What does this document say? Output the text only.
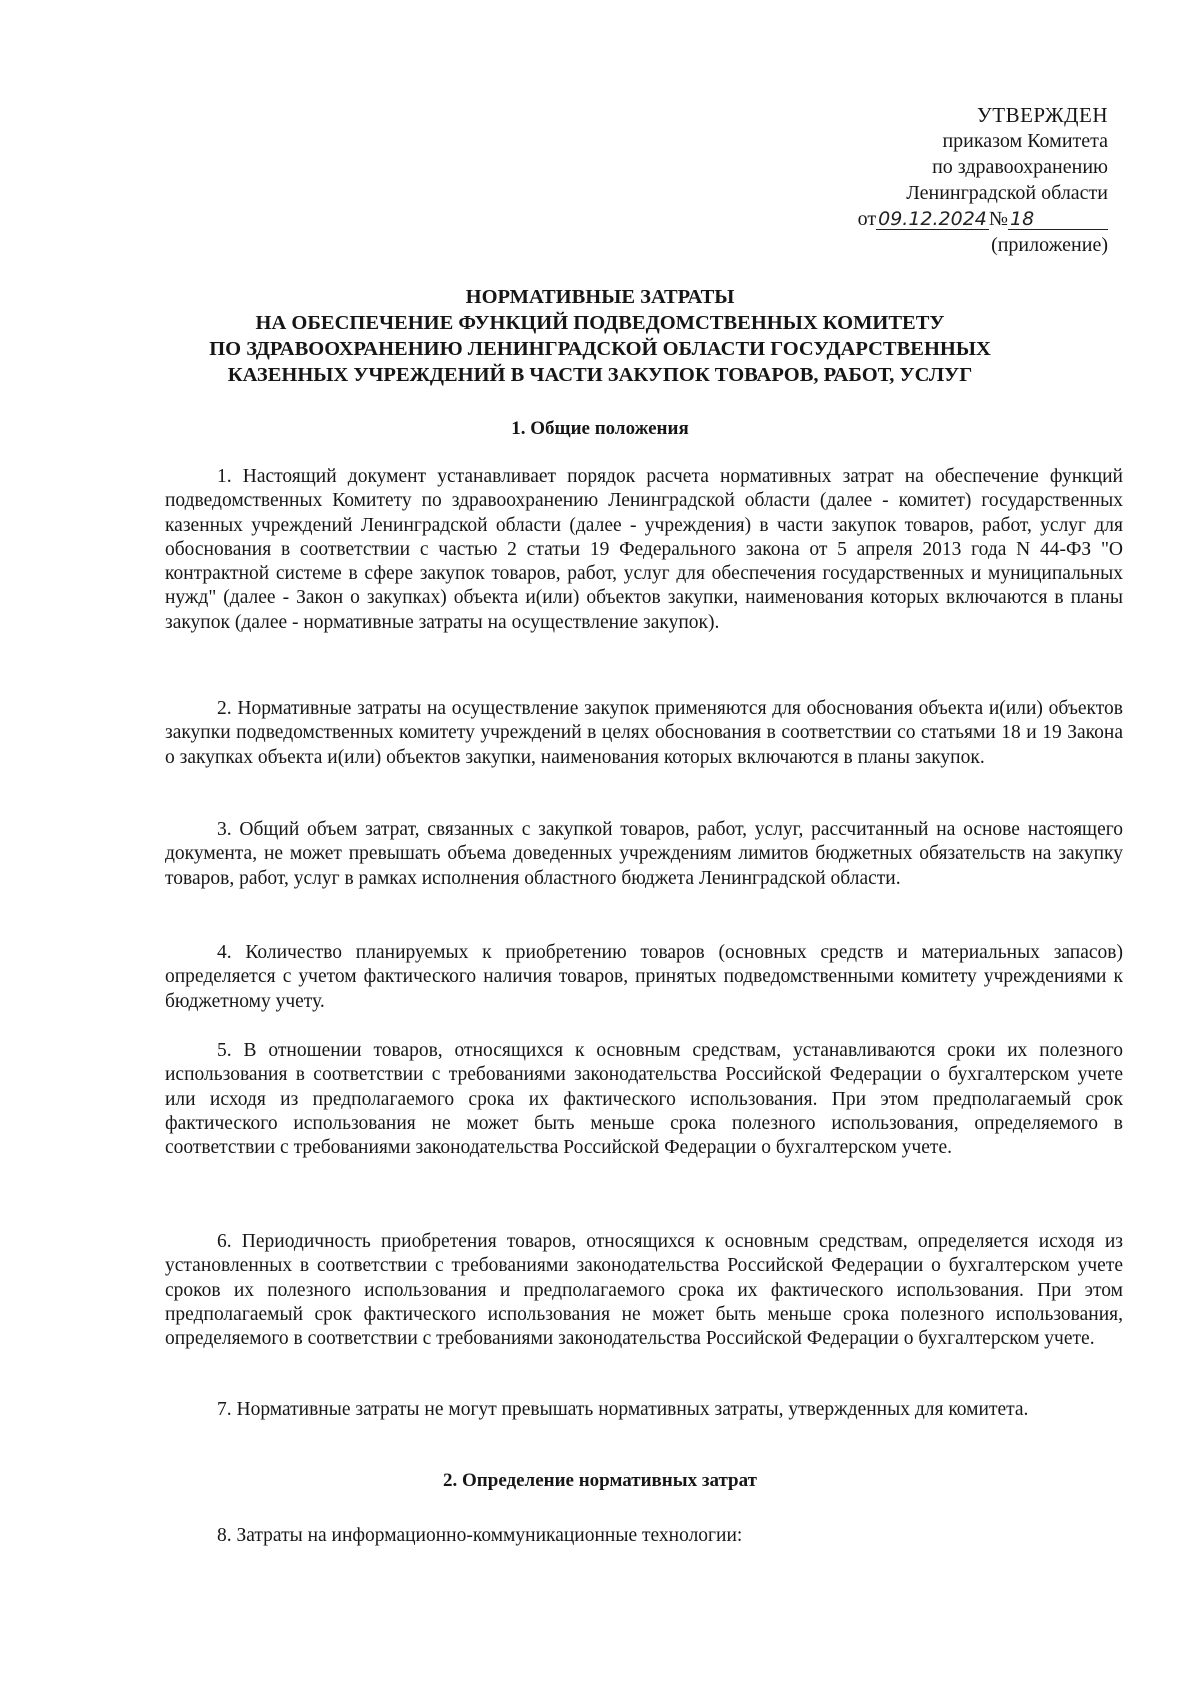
УТВЕРЖДЕН
приказом Комитета
по здравоохранению
Ленинградской области
от 09.12.2024 № 18
(приложение)
НОРМАТИВНЫЕ ЗАТРАТЫ
НА ОБЕСПЕЧЕНИЕ ФУНКЦИЙ ПОДВЕДОМСТВЕННЫХ КОМИТЕТУ
ПО ЗДРАВООХРАНЕНИЮ ЛЕНИНГРАДСКОЙ ОБЛАСТИ ГОСУДАРСТВЕННЫХ
КАЗЕННЫХ УЧРЕЖДЕНИЙ В ЧАСТИ ЗАКУПОК ТОВАРОВ, РАБОТ, УСЛУГ
1. Общие положения

1. Настоящий документ устанавливает порядок расчета нормативных затрат на обеспечение функций подведомственных Комитету по здравоохранению Ленинградской области (далее - комитет) государственных казенных учреждений Ленинградской области (далее - учреждения) в части закупок товаров, работ, услуг для обоснования в соответствии с частью 2 статьи 19 Федерального закона от 5 апреля 2013 года N 44-ФЗ "О контрактной системе в сфере закупок товаров, работ, услуг для обеспечения государственных и муниципальных нужд" (далее - Закон о закупках) объекта и(или) объектов закупки, наименования которых включаются в планы закупок (далее - нормативные затраты на осуществление закупок).

2. Нормативные затраты на осуществление закупок применяются для обоснования объекта и(или) объектов закупки подведомственных комитету учреждений в целях обоснования в соответствии со статьями 18 и 19 Закона о закупках объекта и(или) объектов закупки, наименования которых включаются в планы закупок.

3. Общий объем затрат, связанных с закупкой товаров, работ, услуг, рассчитанный на основе настоящего документа, не может превышать объема доведенных учреждениям лимитов бюджетных обязательств на закупку товаров, работ, услуг в рамках исполнения областного бюджета Ленинградской области.

4. Количество планируемых к приобретению товаров (основных средств и материальных запасов) определяется с учетом фактического наличия товаров, принятых подведомственными комитету учреждениями к бюджетному учету.

5. В отношении товаров, относящихся к основным средствам, устанавливаются сроки их полезного использования в соответствии с требованиями законодательства Российской Федерации о бухгалтерском учете или исходя из предполагаемого срока их фактического использования. При этом предполагаемый срок фактического использования не может быть меньше срока полезного использования, определяемого в соответствии с требованиями законодательства Российской Федерации о бухгалтерском учете.

6. Периодичность приобретения товаров, относящихся к основным средствам, определяется исходя из установленных в соответствии с требованиями законодательства Российской Федерации о бухгалтерском учете сроков их полезного использования и предполагаемого срока их фактического использования. При этом предполагаемый срок фактического использования не может быть меньше срока полезного использования, определяемого в соответствии с требованиями законодательства Российской Федерации о бухгалтерском учете.

7. Нормативные затраты не могут превышать нормативных затраты, утвержденных для комитета.

2. Определение нормативных затрат

8. Затраты на информационно-коммуникационные технологии:
